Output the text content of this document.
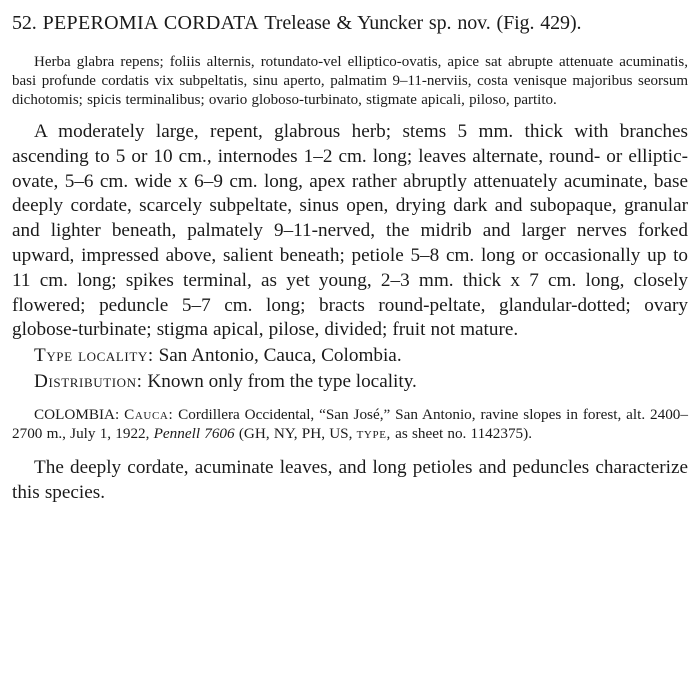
52. PEPEROMIA CORDATA Trelease & Yuncker sp. nov. (Fig. 429).

Herba glabra repens; foliis alternis, rotundato-vel elliptico-ovatis, apice sat abrupte attenuate acuminatis, basi profunde cordatis vix subpeltatis, sinu aperto, palmatim 9–11-nerviis, costa venisque majoribus seorsum dichotomis; spicis terminalibus; ovario globoso-turbinato, stigmate apicali, piloso, partito.

A moderately large, repent, glabrous herb; stems 5 mm. thick with branches ascending to 5 or 10 cm., internodes 1–2 cm. long; leaves alternate, round- or elliptic-ovate, 5–6 cm. wide x 6–9 cm. long, apex rather abruptly attenuately acuminate, base deeply cordate, scarcely subpeltate, sinus open, drying dark and subopaque, granular and lighter beneath, palmately 9–11-nerved, the midrib and larger nerves forked upward, impressed above, salient beneath; petiole 5–8 cm. long or occasionally up to 11 cm. long; spikes terminal, as yet young, 2–3 mm. thick x 7 cm. long, closely flowered; peduncle 5–7 cm. long; bracts round-peltate, glandular-dotted; ovary globose-turbinate; stigma apical, pilose, divided; fruit not mature.

Type locality: San Antonio, Cauca, Colombia.

Distribution: Known only from the type locality.

COLOMBIA: Cauca: Cordillera Occidental, “San José,” San Antonio, ravine slopes in forest, alt. 2400–2700 m., July 1, 1922, Pennell 7606 (GH, NY, PH, US, type, as sheet no. 1142375).

The deeply cordate, acuminate leaves, and long petioles and peduncles characterize this species.
